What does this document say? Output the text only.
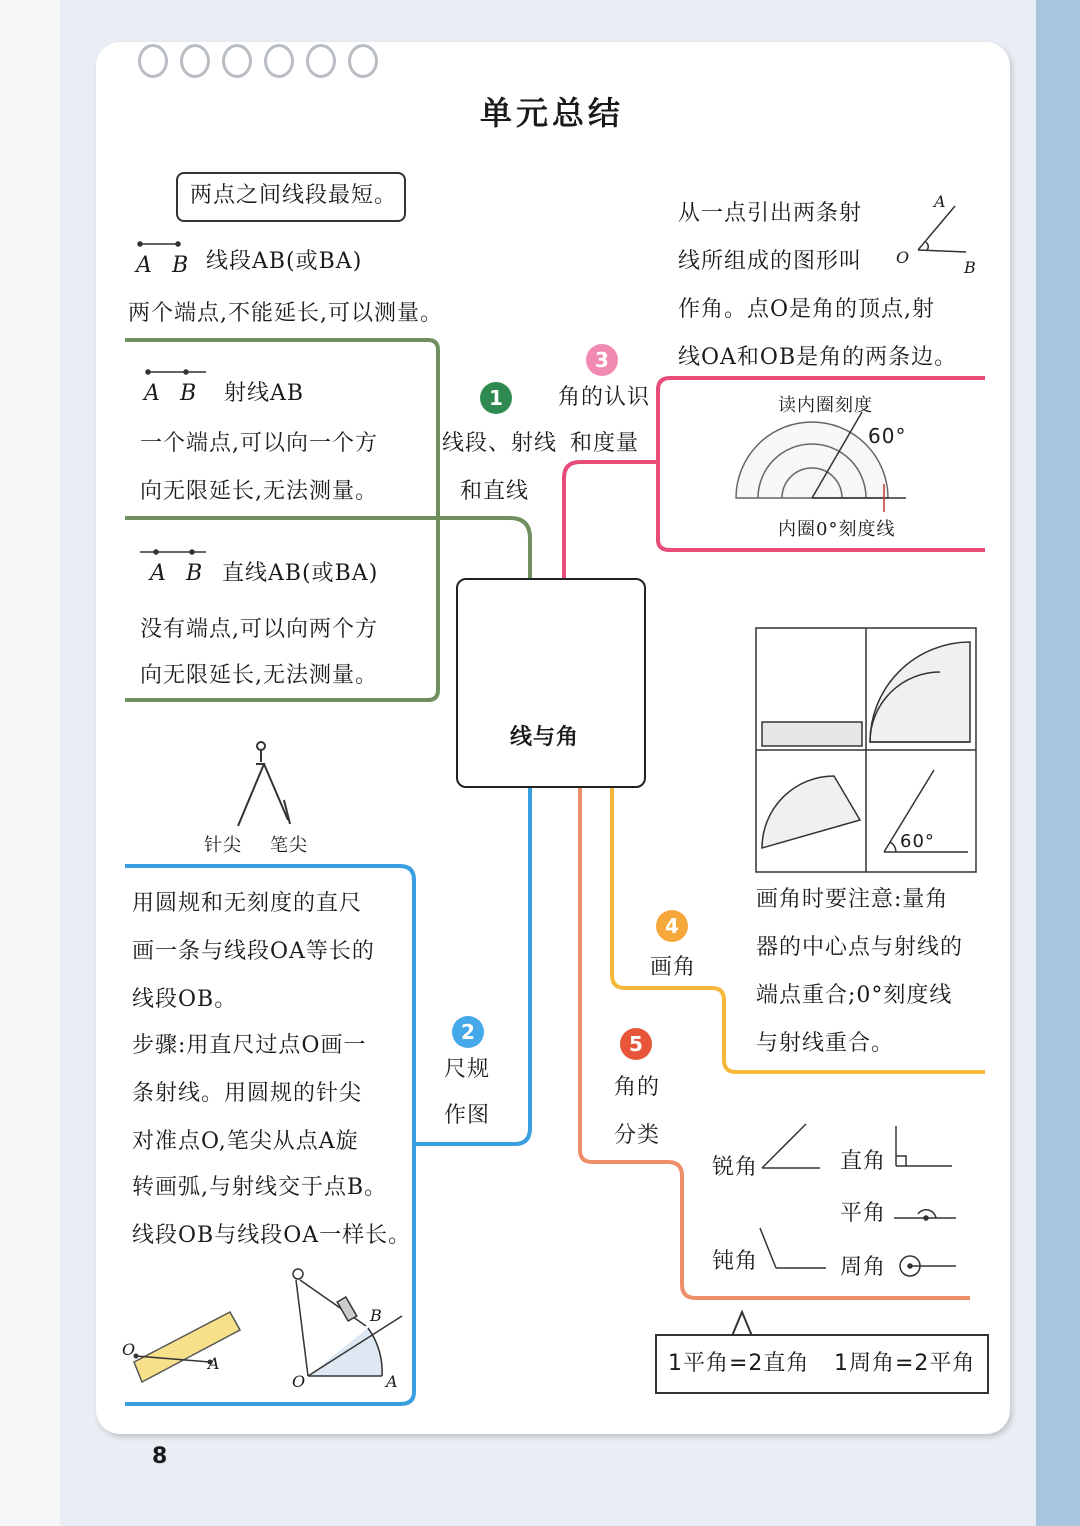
单元总结
线与角
1
3
2
4
5
两点之间线段最短。
A B 线段AB(或BA)
两个端点,不能延长,可以测量。
A B 射线AB
一个端点,可以向一个方
向无限延长,无法测量。
A B 直线AB(或BA)
没有端点,可以向两个方
向无限延长,无法测量。
线段、射线
和直线
角的认识
和度量
从一点引出两条射
线所组成的图形叫
作角。点O是角的顶点,射
线OA和OB是角的两条边。
A
O
B
读内圈刻度
60°
内圈0°刻度线
针尖 笔尖
用圆规和无刻度的直尺
画一条与线段OA等长的
线段OB。
步骤:用直尺过点O画一
条射线。用圆规的针尖
对准点O,笔尖从点A旋
转画弧,与射线交于点B。
线段OB与线段OA一样长。
尺规
作图
O
A
O	A
B
画角
60°
画角时要注意:量角
器的中心点与射线的
端点重合;0°刻度线
与射线重合。
角的
分类
锐角	直角
平角
钝角	周角
1平角=2直角 1周角=2平角
8
